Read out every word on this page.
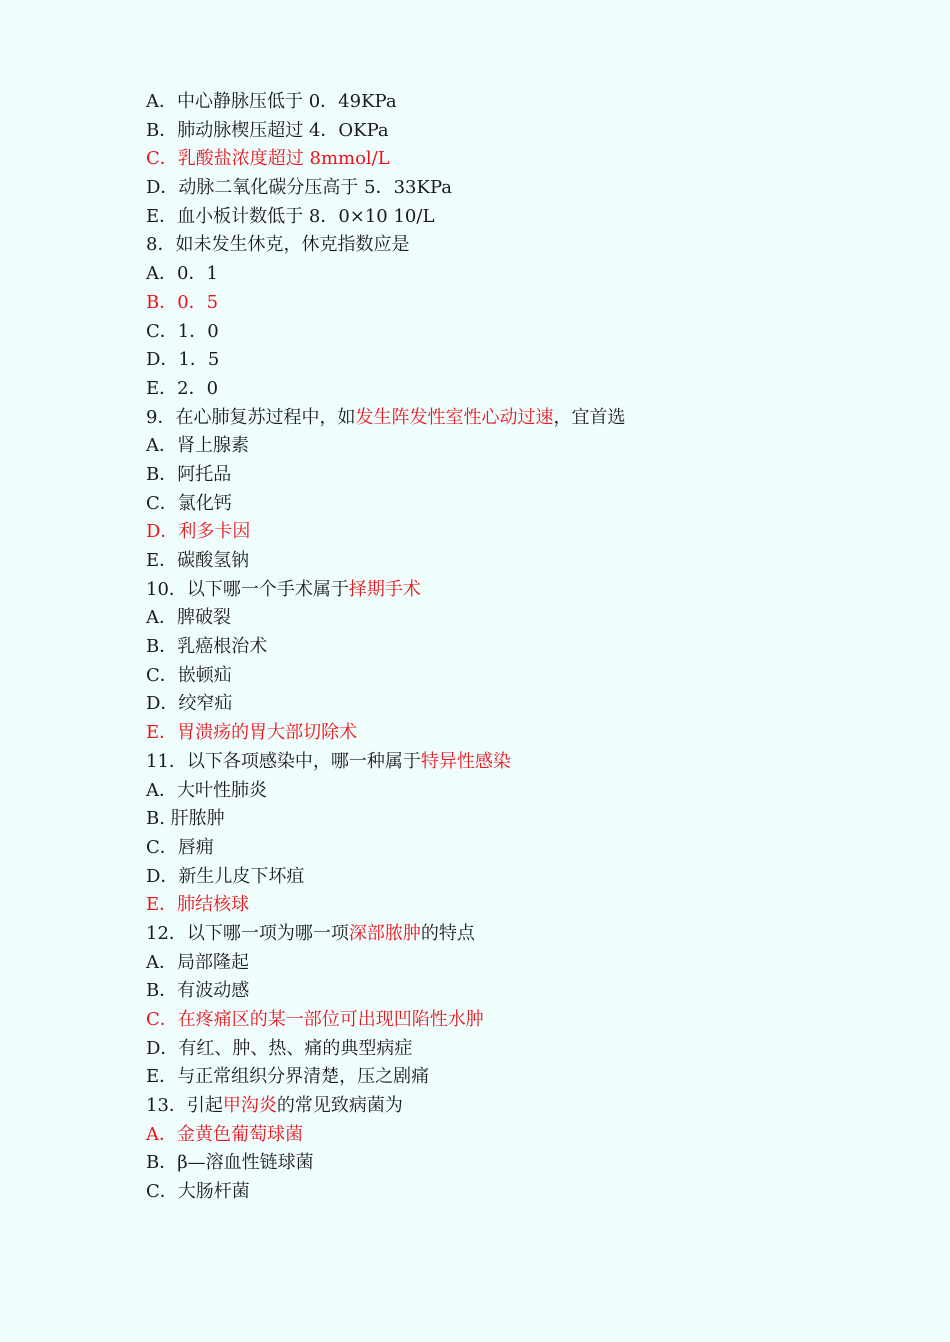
A．中心静脉压低于 0．49KPa
B．肺动脉楔压超过 4．OKPa
C．乳酸盐浓度超过 8mmol/L
D．动脉二氧化碳分压高于 5．33KPa
E．血小板计数低于 8．0×10 10/L
8．如未发生休克，休克指数应是
A．0．1
B．0．5
C．1．0
D．1．5
E．2．0
9．在心肺复苏过程中，如发生阵发性室性心动过速，宜首选
A．肾上腺素
B．阿托品
C．氯化钙
D．利多卡因
E．碳酸氢钠
10．以下哪一个手术属于择期手术
A．脾破裂
B．乳癌根治术
C．嵌顿疝
D．绞窄疝
E．胃溃疡的胃大部切除术
11．以下各项感染中，哪一种属于特异性感染
A．大叶性肺炎
B. 肝脓肿
C．唇痈
D．新生儿皮下坏疽
E．肺结核球
12．以下哪一项为哪一项深部脓肿的特点
A．局部隆起
B．有波动感
C．在疼痛区的某一部位可出现凹陷性水肿
D．有红、肿、热、痛的典型病症
E．与正常组织分界清楚，压之剧痛
13．引起甲沟炎的常见致病菌为
A．金黄色葡萄球菌
B．β—溶血性链球菌
C．大肠杆菌
